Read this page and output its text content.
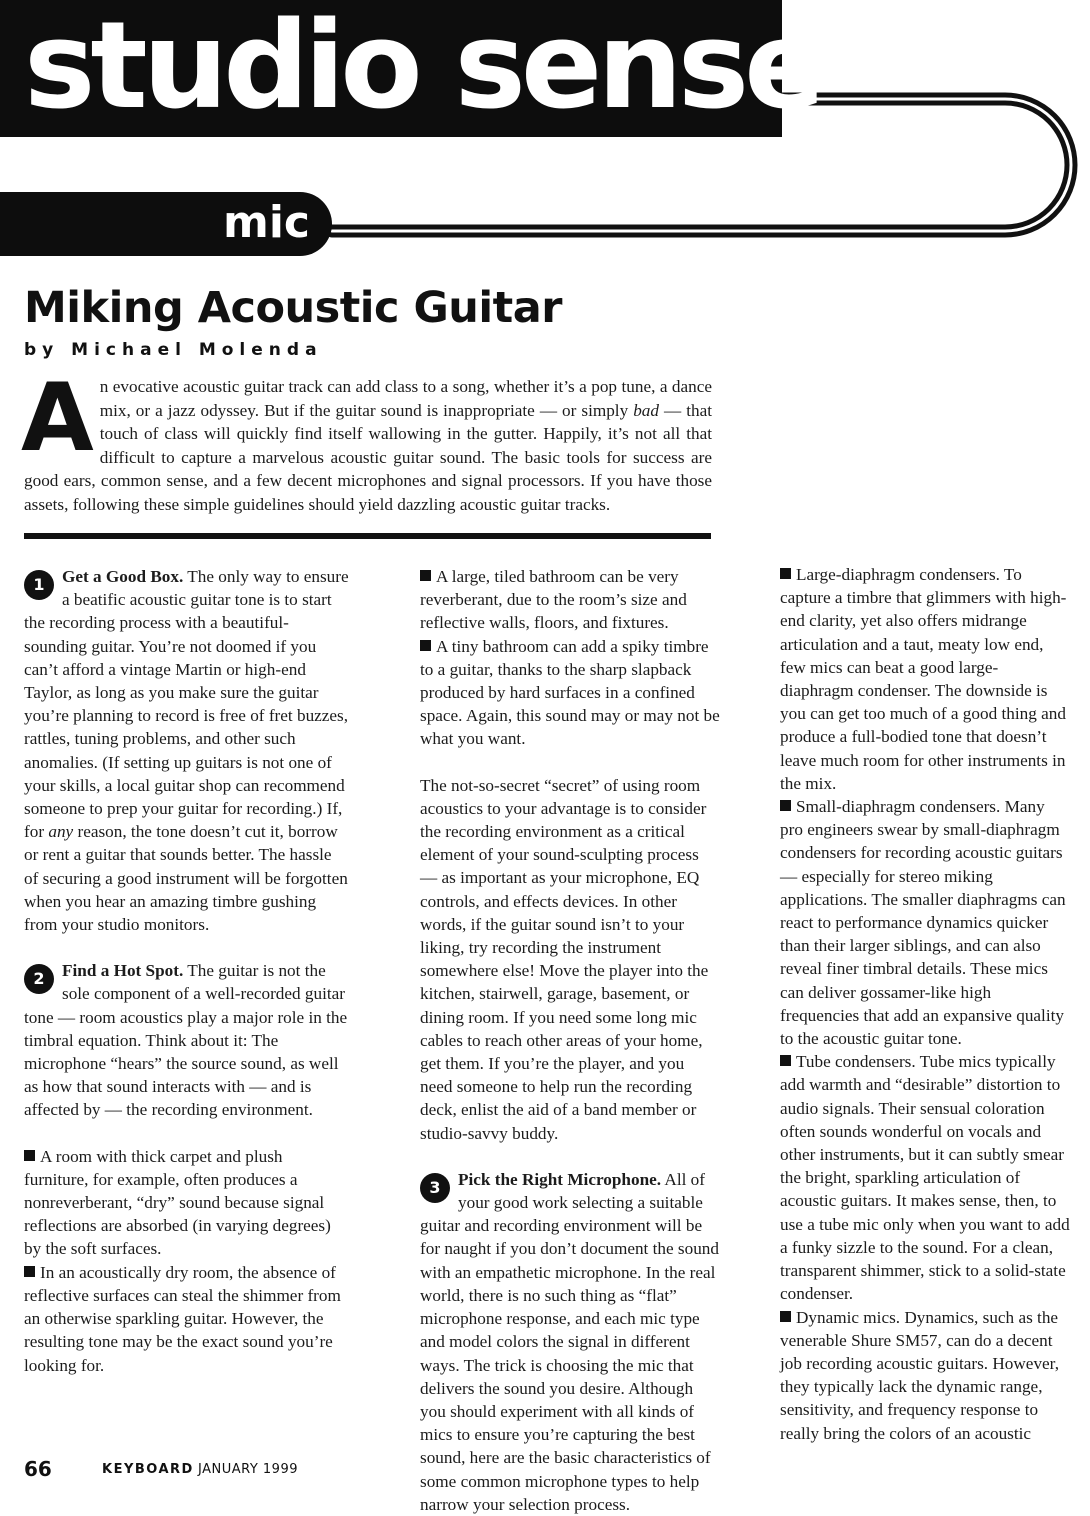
studio sense
mic
Miking Acoustic Guitar
by Michael Molenda
An evocative acoustic guitar track can add class to a song, whether it’s a pop tune, a dance mix, or a jazz odyssey. But if the guitar sound is inappropriate — or simply bad — that touch of class will quickly find itself wallowing in the gutter. Happily, it’s not all that difficult to capture a marvelous acoustic guitar sound. The basic tools for success are good ears, common sense, and a few decent microphones and signal processors. If you have those assets, following these simple guidelines should yield dazzling acoustic guitar tracks.

1	Get a Good Box. The only way to ensure a beatific acoustic guitar tone is to start the recording process with a beautiful-sounding guitar. You’re not doomed if you can’t afford a vintage Martin or high-end Taylor, as long as you make sure the guitar you’re planning to record is free of fret buzzes, rattles, tuning problems, and other such anomalies. (If setting up guitars is not one of your skills, a local guitar shop can recommend someone to prep your guitar for recording.) If, for any reason, the tone doesn’t cut it, borrow or rent a guitar that sounds better. The hassle of securing a good instrument will be forgotten when you hear an amazing timbre gushing from your studio monitors.

2	Find a Hot Spot. The guitar is not the sole component of a well-recorded guitar tone — room acoustics play a major role in the timbral equation. Think about it: The microphone “hears” the source sound, as well as how that sound interacts with — and is affected by — the recording environment.

A room with thick carpet and plush furniture, for example, often produces a nonreverberant, “dry” sound because signal reflections are absorbed (in varying degrees) by the soft surfaces.

In an acoustically dry room, the absence of reflective surfaces can steal the shimmer from an otherwise sparkling guitar. However, the resulting tone may be the exact sound you’re looking for.

A large, tiled bathroom can be very reverberant, due to the room’s size and reflective walls, floors, and fixtures.

A tiny bathroom can add a spiky timbre to a guitar, thanks to the sharp slapback produced by hard surfaces in a confined space. Again, this sound may or may not be what you want.

The not-so-secret “secret” of using room acoustics to your advantage is to consider the recording environment as a critical element of your sound-sculpting process — as important as your microphone, EQ controls, and effects devices. In other words, if the guitar sound isn’t to your liking, try recording the instrument somewhere else! Move the player into the kitchen, stairwell, garage, basement, or dining room. If you need some long mic cables to reach other areas of your home, get them. If you’re the player, and you need someone to help run the recording deck, enlist the aid of a band member or studio-savvy buddy.

3	Pick the Right Microphone. All of your good work selecting a suitable guitar and recording environment will be for naught if you don’t document the sound with an empathetic microphone. In the real world, there is no such thing as “flat” microphone response, and each mic type and model colors the signal in different ways. The trick is choosing the mic that delivers the sound you desire. Although you should experiment with all kinds of mics to ensure you’re capturing the best sound, here are the basic characteristics of some common microphone types to help narrow your selection process.

Large-diaphragm condensers. To capture a timbre that glimmers with high-end clarity, yet also offers midrange articulation and a taut, meaty low end, few mics can beat a good large-diaphragm condenser. The downside is you can get too much of a good thing and produce a full-bodied tone that doesn’t leave much room for other instruments in the mix.

Small-diaphragm condensers. Many pro engineers swear by small-diaphragm condensers for recording acoustic guitars — especially for stereo miking applications. The smaller diaphragms can react to performance dynamics quicker than their larger siblings, and can also reveal finer timbral details. These mics can deliver gossamer-like high frequencies that add an expansive quality to the acoustic guitar tone.

Tube condensers. Tube mics typically add warmth and “desirable” distortion to audio signals. Their sensual coloration often sounds wonderful on vocals and other instruments, but it can subtly smear the bright, sparkling articulation of acoustic guitars. It makes sense, then, to use a tube mic only when you want to add a funky sizzle to the sound. For a clean, transparent shimmer, stick to a solid-state condenser.

Dynamic mics. Dynamics, such as the venerable Shure SM57, can do a decent job recording acoustic guitars. However, they typically lack the dynamic range, sensitivity, and frequency response to really bring the colors of an acoustic

66	KEYBOARD JANUARY 1999
